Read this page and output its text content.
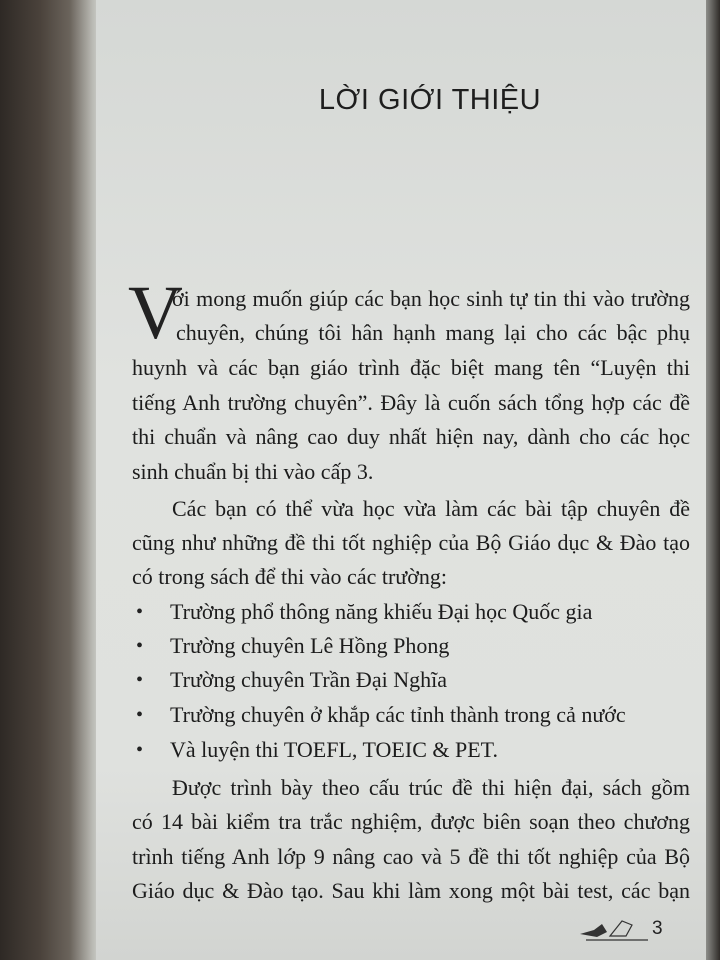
LỜI GIỚI THIỆU
V
ới mong muốn giúp các bạn học sinh tự tin thi vào trường
chuyên, chúng tôi hân hạnh mang lại cho các bậc phụ
huynh và các bạn giáo trình đặc biệt mang tên “Luyện thi
tiếng Anh trường chuyên”. Đây là cuốn sách tổng hợp các đề
thi chuẩn và nâng cao duy nhất hiện nay, dành cho các học
sinh chuẩn bị thi vào cấp 3.
Các bạn có thể vừa học vừa làm các bài tập chuyên đề
cũng như những đề thi tốt nghiệp của Bộ Giáo dục & Đào tạo
có trong sách để thi vào các trường:
• Trường phổ thông năng khiếu Đại học Quốc gia
• Trường chuyên Lê Hồng Phong
• Trường chuyên Trần Đại Nghĩa
• Trường chuyên ở khắp các tỉnh thành trong cả nước
• Và luyện thi TOEFL, TOEIC & PET.
Được trình bày theo cấu trúc đề thi hiện đại, sách gồm
có 14 bài kiểm tra trắc nghiệm, được biên soạn theo chương
trình tiếng Anh lớp 9 nâng cao và 5 đề thi tốt nghiệp của Bộ
Giáo dục & Đào tạo. Sau khi làm xong một bài test, các bạn
3
